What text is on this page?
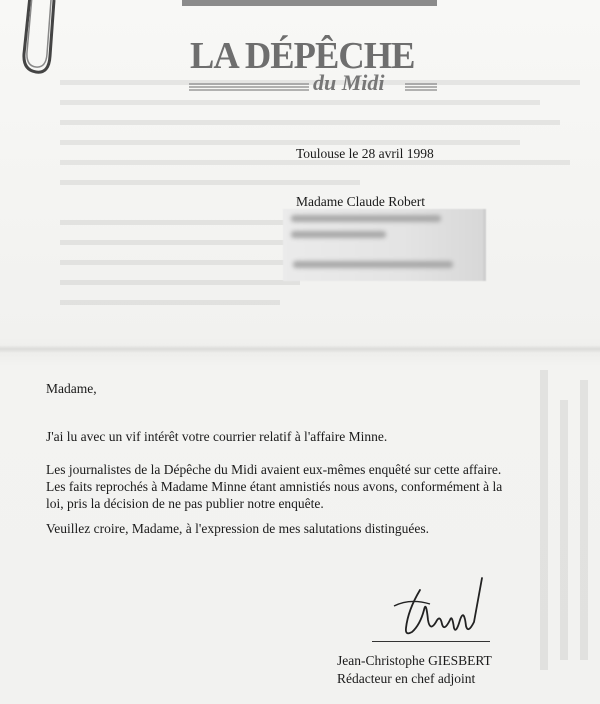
LA DÉPÊCHE
du Midi
Toulouse le 28 avril 1998
Madame Claude Robert
Madame,
J'ai lu avec un vif intérêt votre courrier relatif à l'affaire Minne.
Les journalistes de la Dépêche du Midi avaient eux-mêmes enquêté sur cette affaire.
Les faits reprochés à Madame Minne étant amnistiés nous avons, conformément à la
loi, pris la décision de ne pas publier notre enquête.
Veuillez croire, Madame, à l'expression de mes salutations distinguées.
Jean-Christophe GIESBERT
Rédacteur en chef adjoint
